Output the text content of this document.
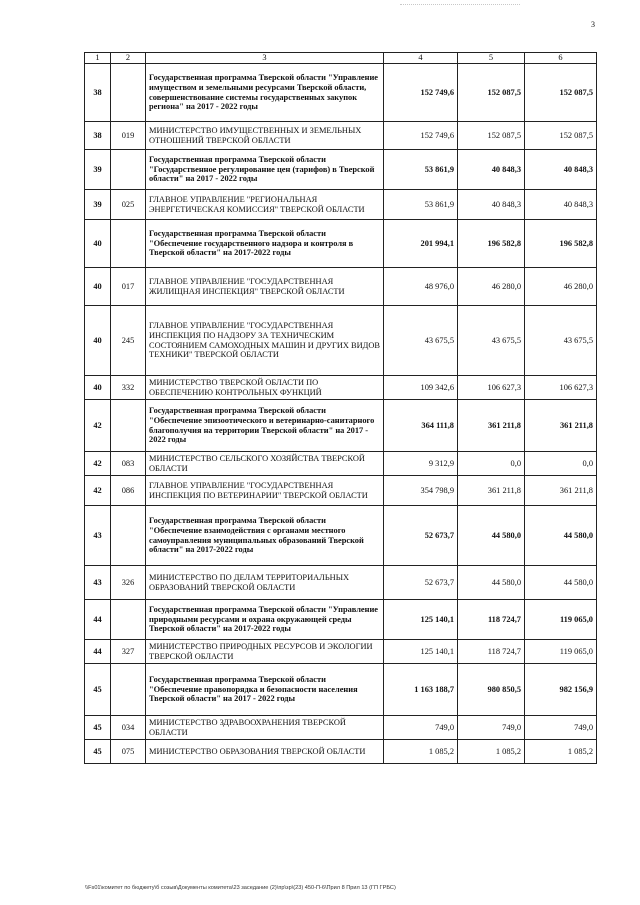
3
1	2	3	4	5	6
38		Государственная программа Тверской области "Управление имуществом и земельными ресурсами Тверской области, совершенствование системы государственных закупок региона" на 2017 - 2022 годы	152 749,6	152 087,5	152 087,5
38	019	МИНИСТЕРСТВО ИМУЩЕСТВЕННЫХ И ЗЕМЕЛЬНЫХ ОТНОШЕНИЙ ТВЕРСКОЙ ОБЛАСТИ	152 749,6	152 087,5	152 087,5
39		Государственная программа Тверской области "Государственное регулирование цен (тарифов) в Тверской области" на 2017 - 2022 годы	53 861,9	40 848,3	40 848,3
39	025	ГЛАВНОЕ УПРАВЛЕНИЕ "РЕГИОНАЛЬНАЯ ЭНЕРГЕТИЧЕСКАЯ КОМИССИЯ" ТВЕРСКОЙ ОБЛАСТИ	53 861,9	40 848,3	40 848,3
40		Государственная программа Тверской области "Обеспечение государственного надзора и контроля в Тверской области" на 2017-2022 годы	201 994,1	196 582,8	196 582,8
40	017	ГЛАВНОЕ УПРАВЛЕНИЕ "ГОСУДАРСТВЕННАЯ ЖИЛИЩНАЯ ИНСПЕКЦИЯ" ТВЕРСКОЙ ОБЛАСТИ	48 976,0	46 280,0	46 280,0
40	245	ГЛАВНОЕ УПРАВЛЕНИЕ "ГОСУДАРСТВЕННАЯ ИНСПЕКЦИЯ ПО НАДЗОРУ ЗА ТЕХНИЧЕСКИМ СОСТОЯНИЕМ САМОХОДНЫХ МАШИН И ДРУГИХ ВИДОВ ТЕХНИКИ" ТВЕРСКОЙ ОБЛАСТИ	43 675,5	43 675,5	43 675,5
40	332	МИНИСТЕРСТВО ТВЕРСКОЙ ОБЛАСТИ ПО ОБЕСПЕЧЕНИЮ КОНТРОЛЬНЫХ ФУНКЦИЙ	109 342,6	106 627,3	106 627,3
42		Государственная программа Тверской области "Обеспечение эпизоотического и ветеринарно-санитарного благополучия на территории Тверской области" на 2017 - 2022 годы	364 111,8	361 211,8	361 211,8
42	083	МИНИСТЕРСТВО СЕЛЬСКОГО ХОЗЯЙСТВА ТВЕРСКОЙ ОБЛАСТИ	9 312,9	0,0	0,0
42	086	ГЛАВНОЕ УПРАВЛЕНИЕ "ГОСУДАРСТВЕННАЯ ИНСПЕКЦИЯ ПО ВЕТЕРИНАРИИ" ТВЕРСКОЙ ОБЛАСТИ	354 798,9	361 211,8	361 211,8
43		Государственная программа Тверской области "Обеспечение взаимодействия с органами местного самоуправления муниципальных образований Тверской области" на 2017-2022 годы	52 673,7	44 580,0	44 580,0
43	326	МИНИСТЕРСТВО ПО ДЕЛАМ ТЕРРИТОРИАЛЬНЫХ ОБРАЗОВАНИЙ ТВЕРСКОЙ ОБЛАСТИ	52 673,7	44 580,0	44 580,0
44		Государственная программа Тверской области "Управление природными ресурсами и охрана окружающей среды Тверской области" на 2017-2022 годы	125 140,1	118 724,7	119 065,0
44	327	МИНИСТЕРСТВО ПРИРОДНЫХ РЕСУРСОВ И ЭКОЛОГИИ ТВЕРСКОЙ ОБЛАСТИ	125 140,1	118 724,7	119 065,0
45		Государственная программа Тверской области "Обеспечение правопорядка и безопасности населения Тверской области" на 2017 - 2022 годы	1 163 188,7	980 850,5	982 156,9
45	034	МИНИСТЕРСТВО ЗДРАВООХРАНЕНИЯ ТВЕРСКОЙ ОБЛАСТИ	749,0	749,0	749,0
45	075	МИНИСТЕРСТВО ОБРАЗОВАНИЯ ТВЕРСКОЙ ОБЛАСТИ	1 085,2	1 085,2	1 085,2
\\Fs01\комитет по бюджету\б созыв\Документы комитета\23 заседание (2)\пр\зр\(23) 450-П-6\Прил 8 Прил 13 (ГП ГРБС)
